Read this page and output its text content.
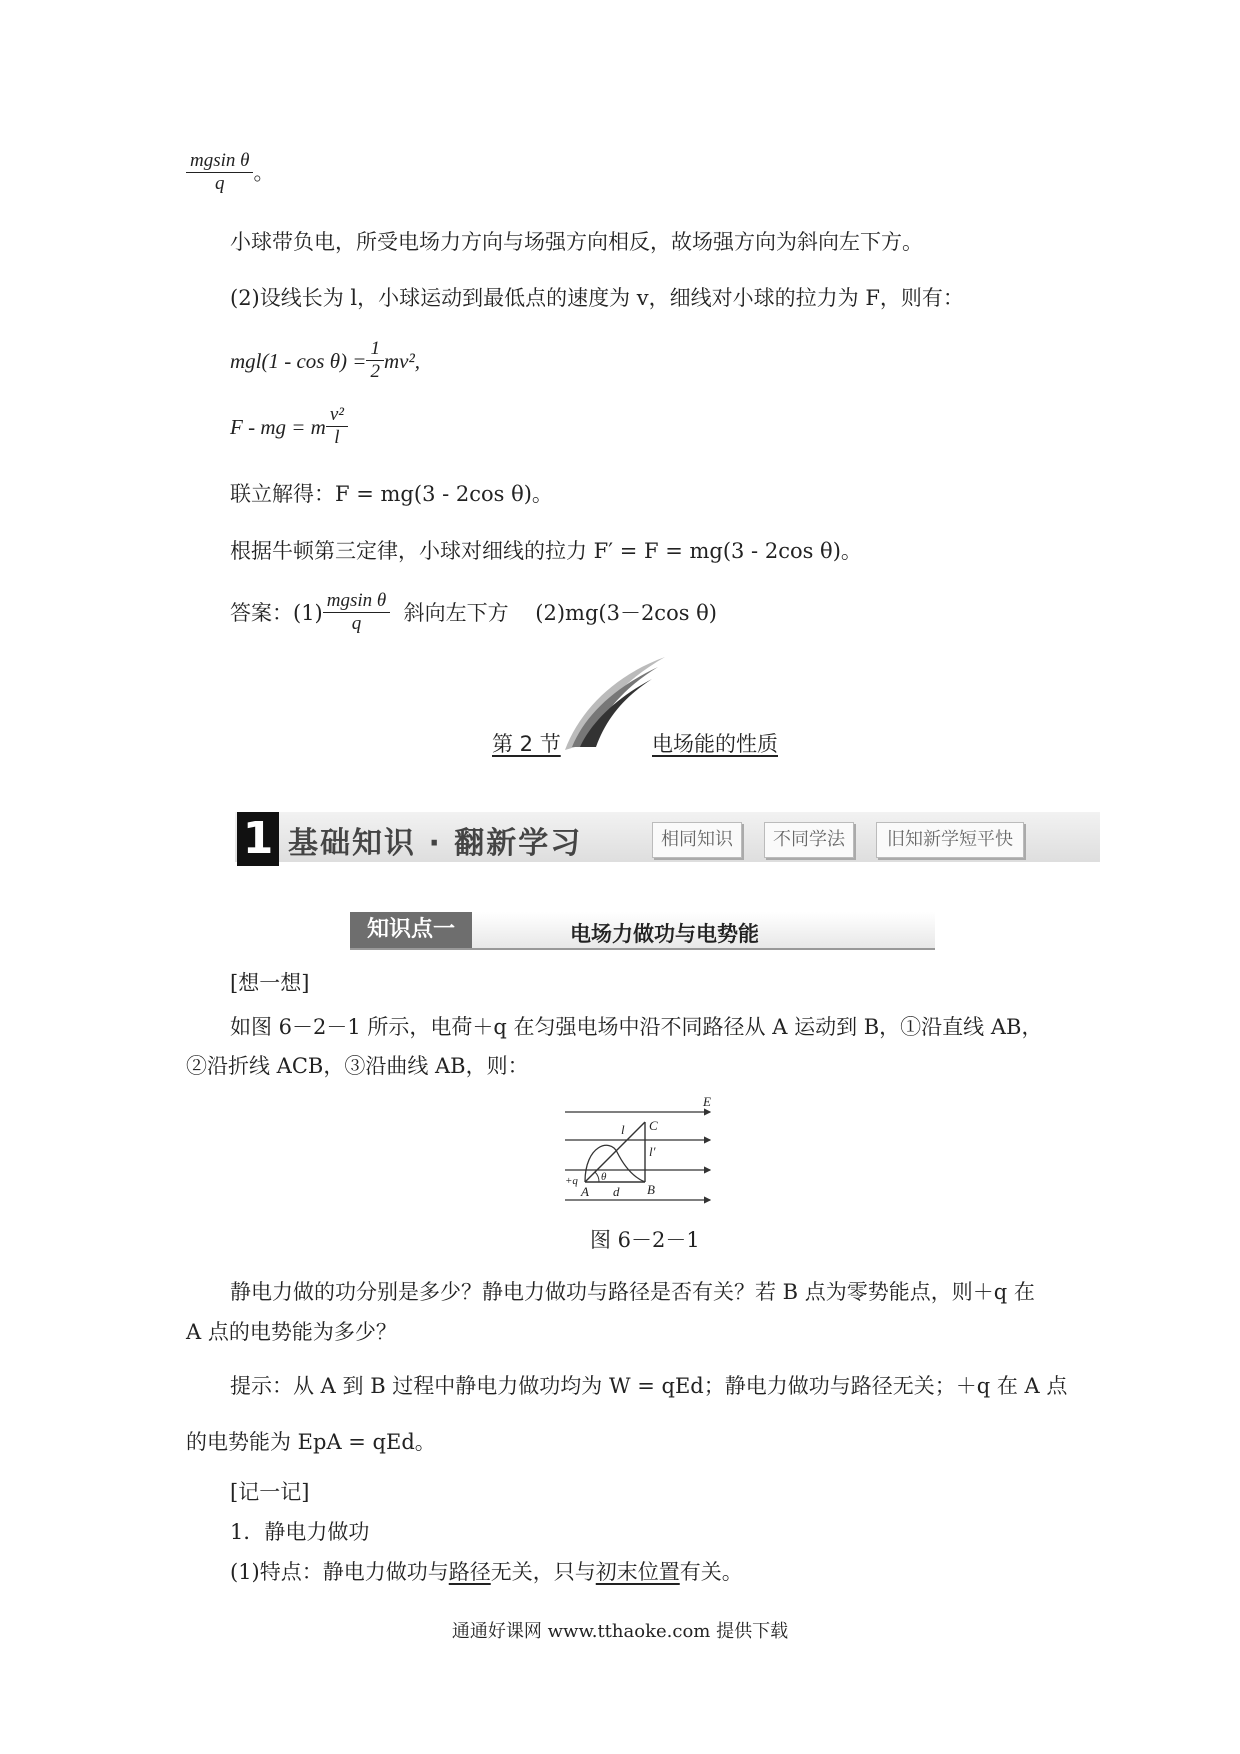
$\frac{\text{mgsin θ}}{q}$ 。
小球带负电，所受电场力方向与场强方向相反，故场强方向为斜向左下方。
(2)设线长为 l，小球运动到最低点的速度为 v，细线对小球的拉力为 F，则有：
$mgl(1 - \cos \theta) = \frac{1}{2} mv^2$,
F - mg = m $\frac{\text{v²}}{l}$
联立解得：F = mg(3 - 2cos θ)。
根据牛顿第三定律，小球对细线的拉力 F′ = F = mg(3 - 2cos θ)。
答案：$(1) \frac{\text{mgsin θ}}{q}$ 斜向左下方    (2)mg(3－2cos θ)
第 2 节	电场能的性质
1 基础知识 · 翻新学习	相同知识	不同学法	旧知新学短平快
知识点一	电场力做功与电势能
[想一想]
如图 6－2－1 所示，电荷＋q 在匀强电场中沿不同路径从 A 运动到 B，①沿直线 AB，
②沿折线 ACB，③沿曲线 AB，则：
E
l C
l′
+q θ
A d B
图 6－2－1
静电力做的功分别是多少？静电力做功与路径是否有关？若 B 点为零势能点，则＋q 在
A 点的电势能为多少？
提示：从 A 到 B 过程中静电力做功均为 W = qEd；静电力做功与路径无关；＋q 在 A 点
的电势能为 EpA = qEd。
[记一记]
1．静电力做功
(1)特点：静电力做功与路径无关，只与初末位置有关。
通通好课网 www.tthaoke.com 提供下载
